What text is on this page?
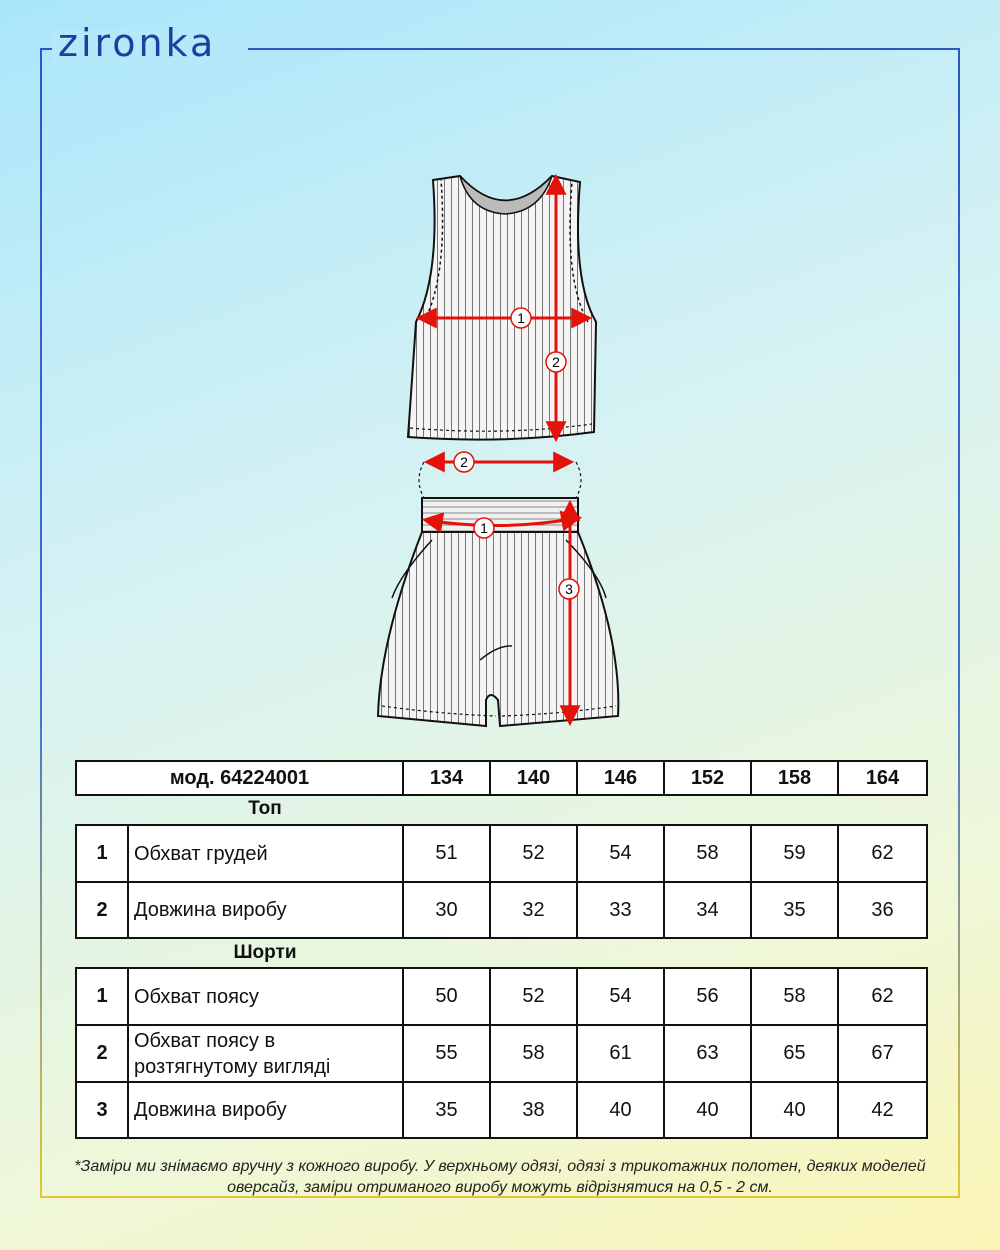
zironka
1
2
2
1
3
мод. 64224001	134	140	146	152	158	164
Топ
1	Обхват грудей	51	52	54	58	59	62
2	Довжина виробу	30	32	33	34	35	36
Шорти
1	Обхват поясу	50	52	54	56	58	62
2	Обхват поясу в розтягнутому вигляді	55	58	61	63	65	67
3	Довжина виробу	35	38	40	40	40	42
*Заміри ми знімаємо вручну з кожного виробу. У верхньому одязі, одязі з трикотажних полотен, деяких моделей оверсайз, заміри отриманого виробу можуть відрізнятися на 0,5 - 2 см.
